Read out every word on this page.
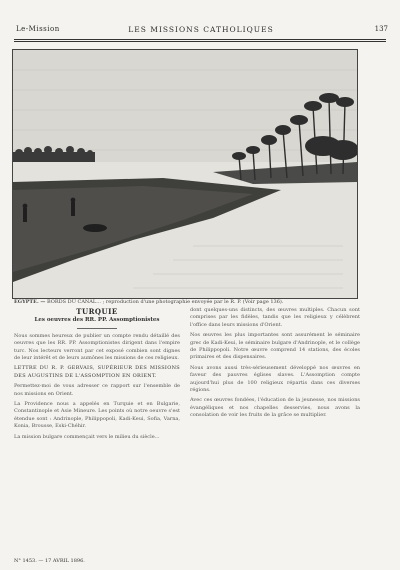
Le-Mission	LES MISSIONS CATHOLIQUES	137
ÉGYPTE. — BORDS DU CANAL... ; reproduction d'une photographie envoyée par le R. P. (Voir page 136).
TURQUIE
Les oeuvres des RR. PP. Assomptionistes

Nous sommes heureux de publier un compte rendu détaillé des oeuvres que les RR. PP. Assomptionistes dirigent dans l'empire turc. Nos lecteurs verront par cet exposé combien sont dignes de leur intérêt et de leurs aumônes les missions de ces religieux.

LETTRE DU R. P. GERVAIS, SUPÉRIEUR DES MISSIONS DES AUGUSTINS DE L'ASSOMPTION EN ORIENT.

Permettez-moi de vous adresser ce rapport sur l'ensemble de nos missions en Orient.

La Providence nous a appelés en Turquie et en Bulgarie, Constantinople et Asie Mineure. Les points où notre oeuvre s'est étendue sont : Andrinople, Philippopoli, Kadi-Keui, Sofia, Varna, Konia, Brousse, Eski-Chéhir.

La mission bulgare commençait vers le milieu du siècle...

dont quelques-uns distincts, des œuvres multiples. Chacun sont comprises par les fidèles, tandis que les religieux y célèbrent l'office dans leurs missions d'Orient.

Nos œuvres les plus importantes sont assurément le séminaire grec de Kadi-Keui, le séminaire bulgare d'Andrinople, et le collège de Philippopoli. Notre œuvre comprend 14 stations, des écoles primaires et des dispensaires.

Nous avons aussi très-sérieusement développé nos œuvres en faveur des pauvres églises slaves. L'Assomption compte aujourd'hui plus de 100 religieux répartis dans ces diverses régions.

Avec ces œuvres fondées, l'éducation de la jeunesse, nos missions évangéliques et nos chapelles desservies, nous avons la consolation de voir les fruits de la grâce se multiplier.

N° 1453. — 17 AVRIL 1896.
